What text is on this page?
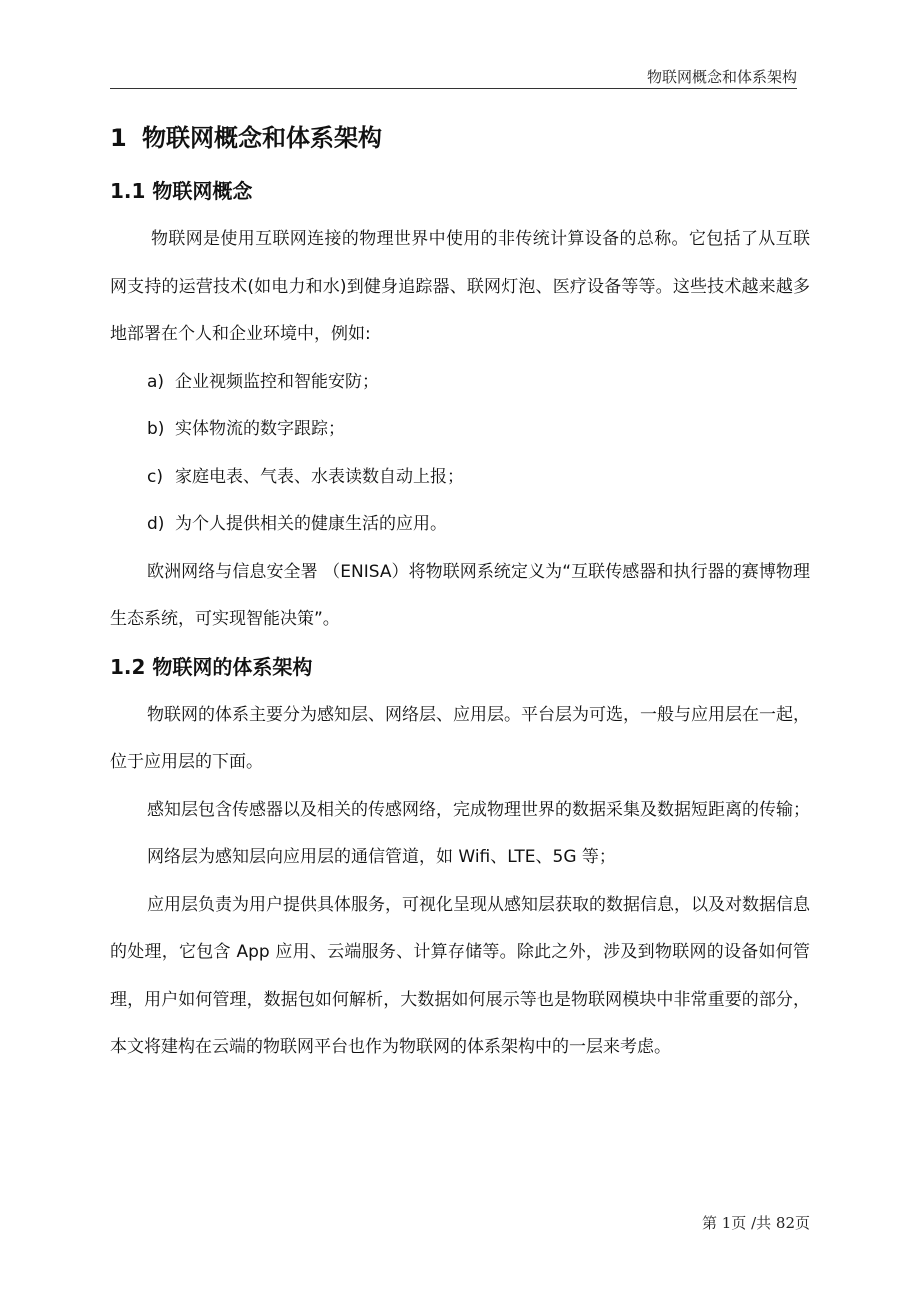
物联网概念和体系架构
1 物联网概念和体系架构
1.1 物联网概念

物联网是使用互联网连接的物理世界中使用的非传统计算设备的总称。它包括了从互联网支持的运营技术(如电力和水)到健身追踪器、联网灯泡、医疗设备等等。这些技术越来越多地部署在个人和企业环境中，例如:

a) 企业视频监控和智能安防；

b) 实体物流的数字跟踪；

c) 家庭电表、气表、水表读数自动上报；

d) 为个人提供相关的健康生活的应用。

欧洲网络与信息安全署 （ENISA）将物联网系统定义为“互联传感器和执行器的赛博物理生态系统，可实现智能决策”。

1.2 物联网的体系架构

物联网的体系主要分为感知层、网络层、应用层。平台层为可选，一般与应用层在一起，位于应用层的下面。

感知层包含传感器以及相关的传感网络，完成物理世界的数据采集及数据短距离的传输；

网络层为感知层向应用层的通信管道，如 Wifi、LTE、5G 等；

应用层负责为用户提供具体服务，可视化呈现从感知层获取的数据信息，以及对数据信息的处理，它包含 App 应用、云端服务、计算存储等。除此之外，涉及到物联网的设备如何管理，用户如何管理，数据包如何解析，大数据如何展示等也是物联网模块中非常重要的部分，本文将建构在云端的物联网平台也作为物联网的体系架构中的一层来考虑。

第 1页 /共 82页
